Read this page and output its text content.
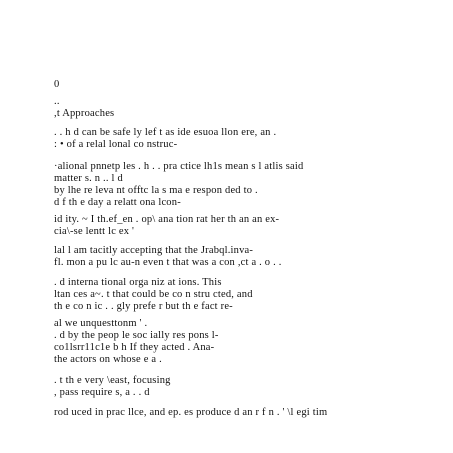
0
..
,t Approaches
. . h d can be safe ly lef t as ide esuoa llon ere, an .
: • of a relal lonal co nstruc-
·alional pnnetp les . h . . pra ctice lh1s mean s l atlis said
matter s. n .. l d
by lhe re leva nt offtc la s ma e respon ded to .
d f th e day a relatt ona lcon-
id ity. ~ I th.ef_en . op\ ana tion rat her th an an ex-
cia\-se lentt lc ex '
lal l am tacitly accepting that the Jrabql.inva-
fl. mon a pu lc au-n even t that was a con ,ct a . o . .
. d interna tional orga niz at ions. This
ltan ces a~. t that could be co n stru cted, and
th e co n ic . . gly prefe r but th e fact re-
al we unquesttonm ' .
. d by the peop le soc ially res pons l-
co1lsrr11c1e b h If they acted . Ana-
the actors on whose e a .
. t th e very \east, focusing
, pass require s, a . . d
rod uced in prac llce, and ep. es produce d an r f n . ' \l egi tim
